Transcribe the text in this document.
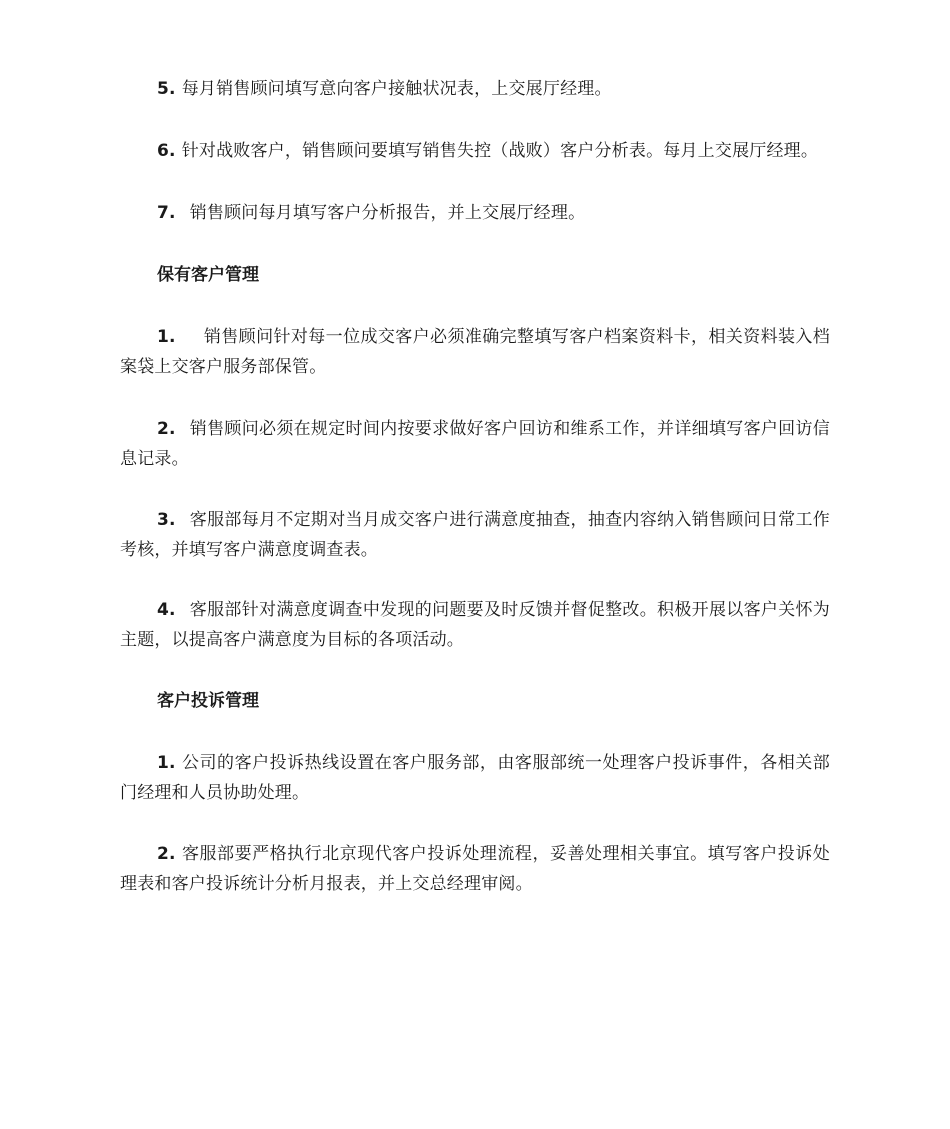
5. 每月销售顾问填写意向客户接触状况表，上交展厅经理。

6. 针对战败客户，销售顾问要填写销售失控（战败）客户分析表。每月上交展厅经理。

7. 销售顾问每月填写客户分析报告，并上交展厅经理。

保有客户管理

1. 销售顾问针对每一位成交客户必须准确完整填写客户档案资料卡，相关资料装入档案袋上交客户服务部保管。

2. 销售顾问必须在规定时间内按要求做好客户回访和维系工作，并详细填写客户回访信息记录。

3. 客服部每月不定期对当月成交客户进行满意度抽查，抽查内容纳入销售顾问日常工作考核，并填写客户满意度调查表。

4. 客服部针对满意度调查中发现的问题要及时反馈并督促整改。积极开展以客户关怀为主题，以提高客户满意度为目标的各项活动。

客户投诉管理

1. 公司的客户投诉热线设置在客户服务部，由客服部统一处理客户投诉事件，各相关部门经理和人员协助处理。

2. 客服部要严格执行北京现代客户投诉处理流程，妥善处理相关事宜。填写客户投诉处理表和客户投诉统计分析月报表，并上交总经理审阅。
